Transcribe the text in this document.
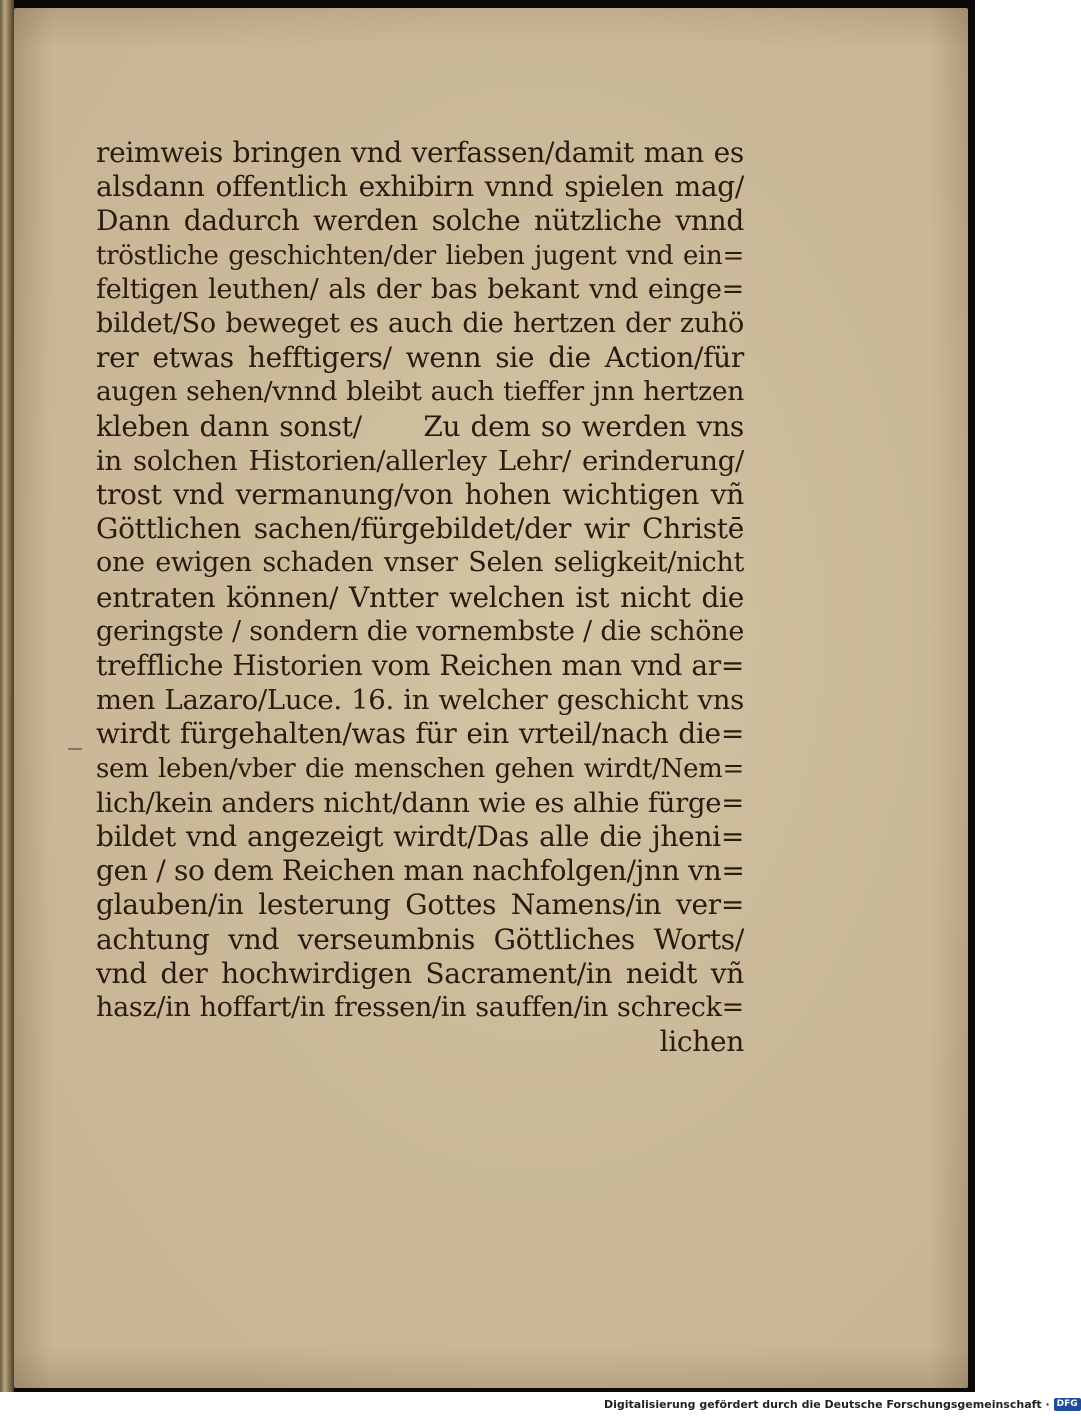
reimweis bringen vnd verfassen/damit man es
alsdann offentlich exhibirn vnnd spielen mag/
Dann dadurch werden solche nützliche vnnd
tröstliche geschichten/der lieben jugent vnd ein=
feltigen leuthen/ als der bas bekant vnd einge=
bildet/So beweget es auch die hertzen der zuhö
rer etwas hefftigers/ wenn sie die Action/für
augen sehen/vnnd bleibt auch tieffer jnn hertzen
kleben dann sonst/      Zu dem so werden vns
in solchen Historien/allerley Lehr/ erinderung/
trost vnd vermanung/von hohen wichtigen vñ
Göttlichen sachen/fürgebildet/der wir Christē
one ewigen schaden vnser Selen seligkeit/nicht
entraten können/ Vntter welchen ist nicht die
geringste / sondern die vornembste / die schöne
treffliche Historien vom Reichen man vnd ar=
men Lazaro/Luce. 16. in welcher geschicht vns
wirdt fürgehalten/was für ein vrteil/nach die=
sem leben/vber die menschen gehen wirdt/Nem=
lich/kein anders nicht/dann wie es alhie fürge=
bildet vnd angezeigt wirdt/Das alle die jheni=
gen / so dem Reichen man nachfolgen/jnn vn=
glauben/in lesterung Gottes Namens/in ver=
achtung vnd verseumbnis Göttliches Worts/
vnd der hochwirdigen Sacrament/in neidt vñ
hasz/in hoffart/in fressen/in sauffen/in schreck=
lichen
Digitalisierung gefördert durch die Deutsche Forschungsgemeinschaft · DFG
